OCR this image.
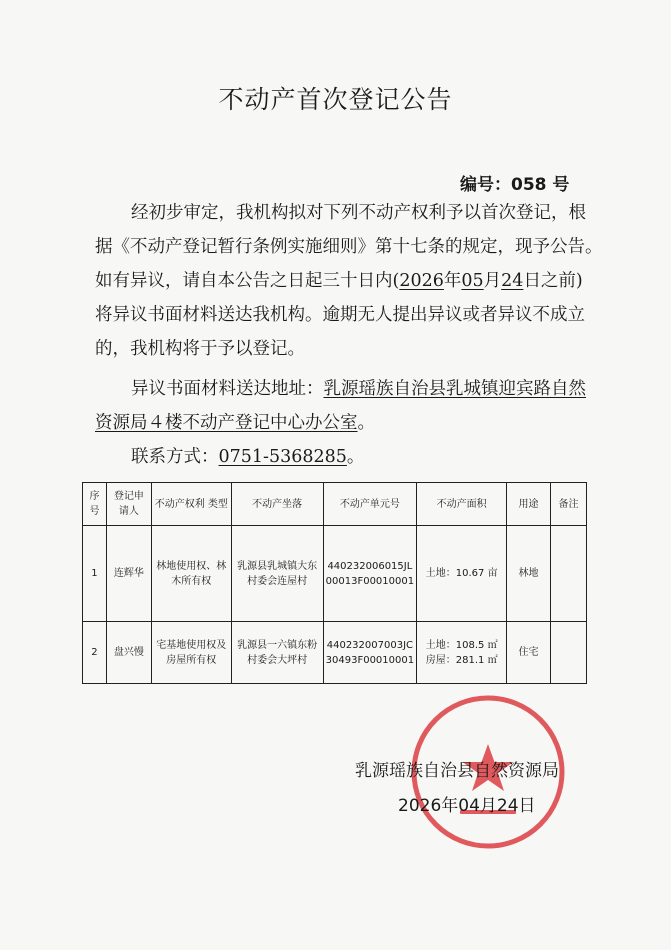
不动产首次登记公告
编号：058 号
经初步审定，我机构拟对下列不动产权利予以首次登记，根
据《不动产登记暂行条例实施细则》第十七条的规定，现予公告。
如有异议，请自本公告之日起三十日内(2026年05月24日之前)
将异议书面材料送达我机构。逾期无人提出异议或者异议不成立
的，我机构将于予以登记。
异议书面材料送达地址：乳源瑶族自治县乳城镇迎宾路自然
资源局４楼不动产登记中心办公室。
联系方式：0751-5368285。
序号	登记申请人	不动产权利 类型	不动产坐落	不动产单元号	不动产面积	用途	备注
1	连辉华	林地使用权、林木所有权	乳源县乳城镇大东村委会连屋村	440232006015JL00013F00010001	土地：10.67 亩	林地	
2	盘兴慢	宅基地使用权及房屋所有权	乳源县一六镇东粉村委会大坪村	440232007003JC30493F00010001	土地：108.5 ㎡
房屋：281.1 ㎡	住宅	
乳源瑶族自治县自然资源局
2026年04月24日
